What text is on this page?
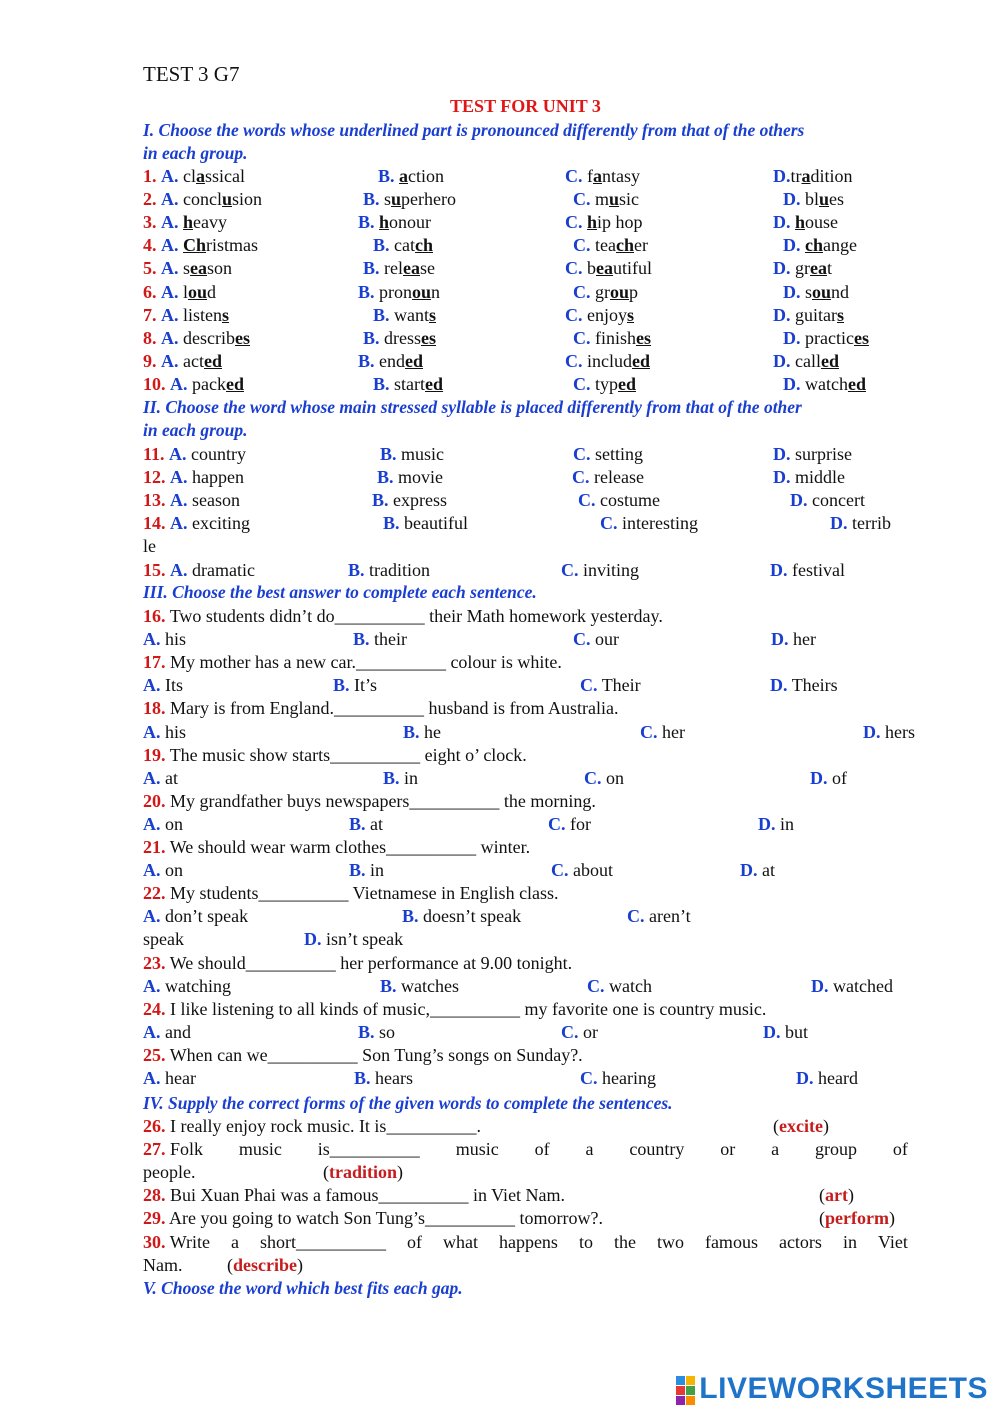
TEST 3 G7
TEST FOR UNIT 3
I. Choose the words whose underlined part is pronounced differently from that of the others
in each group.
1. A. classical	B. action	C. fantasy	D.tradition
2. A. conclusion	B. superhero	C. music	D. blues
3. A. heavy	B. honour	C. hip hop	D. house
4. A. Christmas	B. catch	C. teacher	D. change
5. A. season	B. release	C. beautiful	D. great
6. A. loud	B. pronoun	C. group	D. sound
7. A. listens	B. wants	C. enjoys	D. guitars
8. A. describes	B. dresses	C. finishes	D. practices
9. A. acted	B. ended	C. included	D. called
10. A. packed	B. started	C. typed	D. watched
II. Choose the word whose main stressed syllable is placed differently from that of the other
in each group.
11. A. country	B. music	C. setting	D. surprise
12. A. happen	B. movie	C. release	D. middle
13. A. season	B. express	C. costume	D. concert
14. A. exciting	B. beautiful	C. interesting	D. terrib
le
15. A. dramatic	B. tradition	C. inviting	D. festival
III. Choose the best answer to complete each sentence.
16. Two students didn’t do__________ their Math homework yesterday.
A. his	B. their	C. our	D. her
17. My mother has a new car.__________ colour is white.
A. Its	B. It’s	C. Their	D. Theirs
18. Mary is from England.__________ husband is from Australia.
A. his	B. he	C. her	D. hers
19. The music show starts__________ eight o’ clock.
A. at	B. in	C. on	D. of
20. My grandfather buys newspapers__________ the morning.
A. on	B. at	C. for	D. in
21. We should wear warm clothes__________ winter.
A. on	B. in	C. about	D. at
22. My students__________ Vietnamese in English class.
A. don’t speak	B. doesn’t speak	C. aren’t
speak	D. isn’t speak
23. We should__________ her performance at 9.00 tonight.
A. watching	B. watches	C. watch	D. watched
24. I like listening to all kinds of music,__________ my favorite one is country music.
A. and	B. so	C. or	D. but
25. When can we__________ Son Tung’s songs on Sunday?.
A. hear	B. hears	C. hearing	D. heard
IV. Supply the correct forms of the given words to complete the sentences.
26. I really enjoy rock music. It is__________.	(excite)
27. Folk music is__________ music of a country or a group of
people.	(tradition)
28. Bui Xuan Phai was a famous__________ in Viet Nam.	(art)
29. Are you going to watch Son Tung’s__________ tomorrow?.	(perform)
30. Write a short__________ of what happens to the two famous actors in Viet
Nam. (describe)
V. Choose the word which best fits each gap.
LIVEWORKSHEETS
